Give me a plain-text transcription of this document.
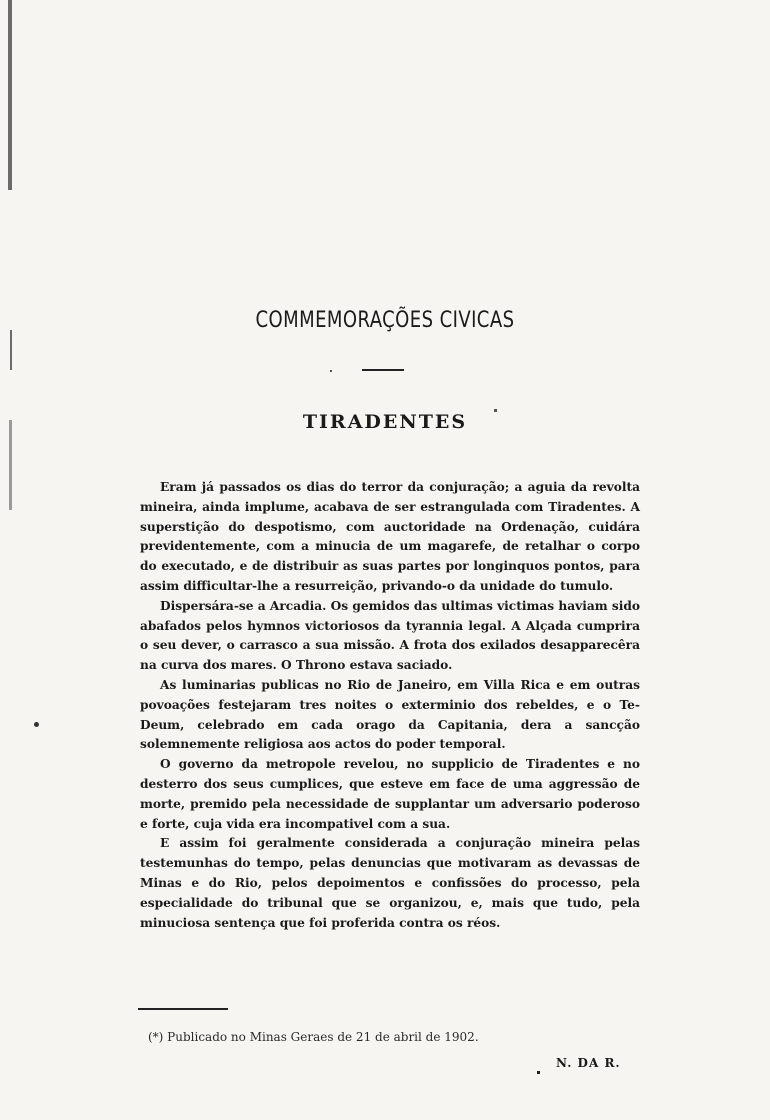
COMMEMORAÇÕES CIVICAS
TIRADENTES

Eram já passados os dias do terror da conjuração; a aguia da revolta mineira, ainda implume, acabava de ser estrangulada com Tiradentes. A superstição do despotismo, com auctoridade na Ordenação, cuidára previdentemente, com a minucia de um magarefe, de retalhar o corpo do executado, e de distribuir as suas partes por longinquos pontos, para assim difficultar-lhe a resurreição, privando-o da unidade do tumulo.

Dispersára-se a Arcadia. Os gemidos das ultimas victimas haviam sido abafados pelos hymnos victoriosos da tyrannia legal. A Alçada cumprira o seu dever, o carrasco a sua missão. A frota dos exilados desapparecêra na curva dos mares. O Throno estava saciado.

As luminarias publicas no Rio de Janeiro, em Villa Rica e em outras povoações festejaram tres noites o exterminio dos rebeldes, e o Te-Deum, celebrado em cada orago da Capitania, dera a sancção solemnemente religiosa aos actos do poder temporal.

O governo da metropole revelou, no supplicio de Tiradentes e no desterro dos seus cumplices, que esteve em face de uma aggressão de morte, premido pela necessidade de supplantar um adversario poderoso e forte, cuja vida era incompativel com a sua.

E assim foi geralmente considerada a conjuração mineira pelas testemunhas do tempo, pelas denuncias que motivaram as devassas de Minas e do Rio, pelos depoimentos e confissões do processo, pela especialidade do tribunal que se organizou, e, mais que tudo, pela minuciosa sentença que foi proferida contra os réos.

(*) Publicado no Minas Geraes de 21 de abril de 1902.

N. DA R.
